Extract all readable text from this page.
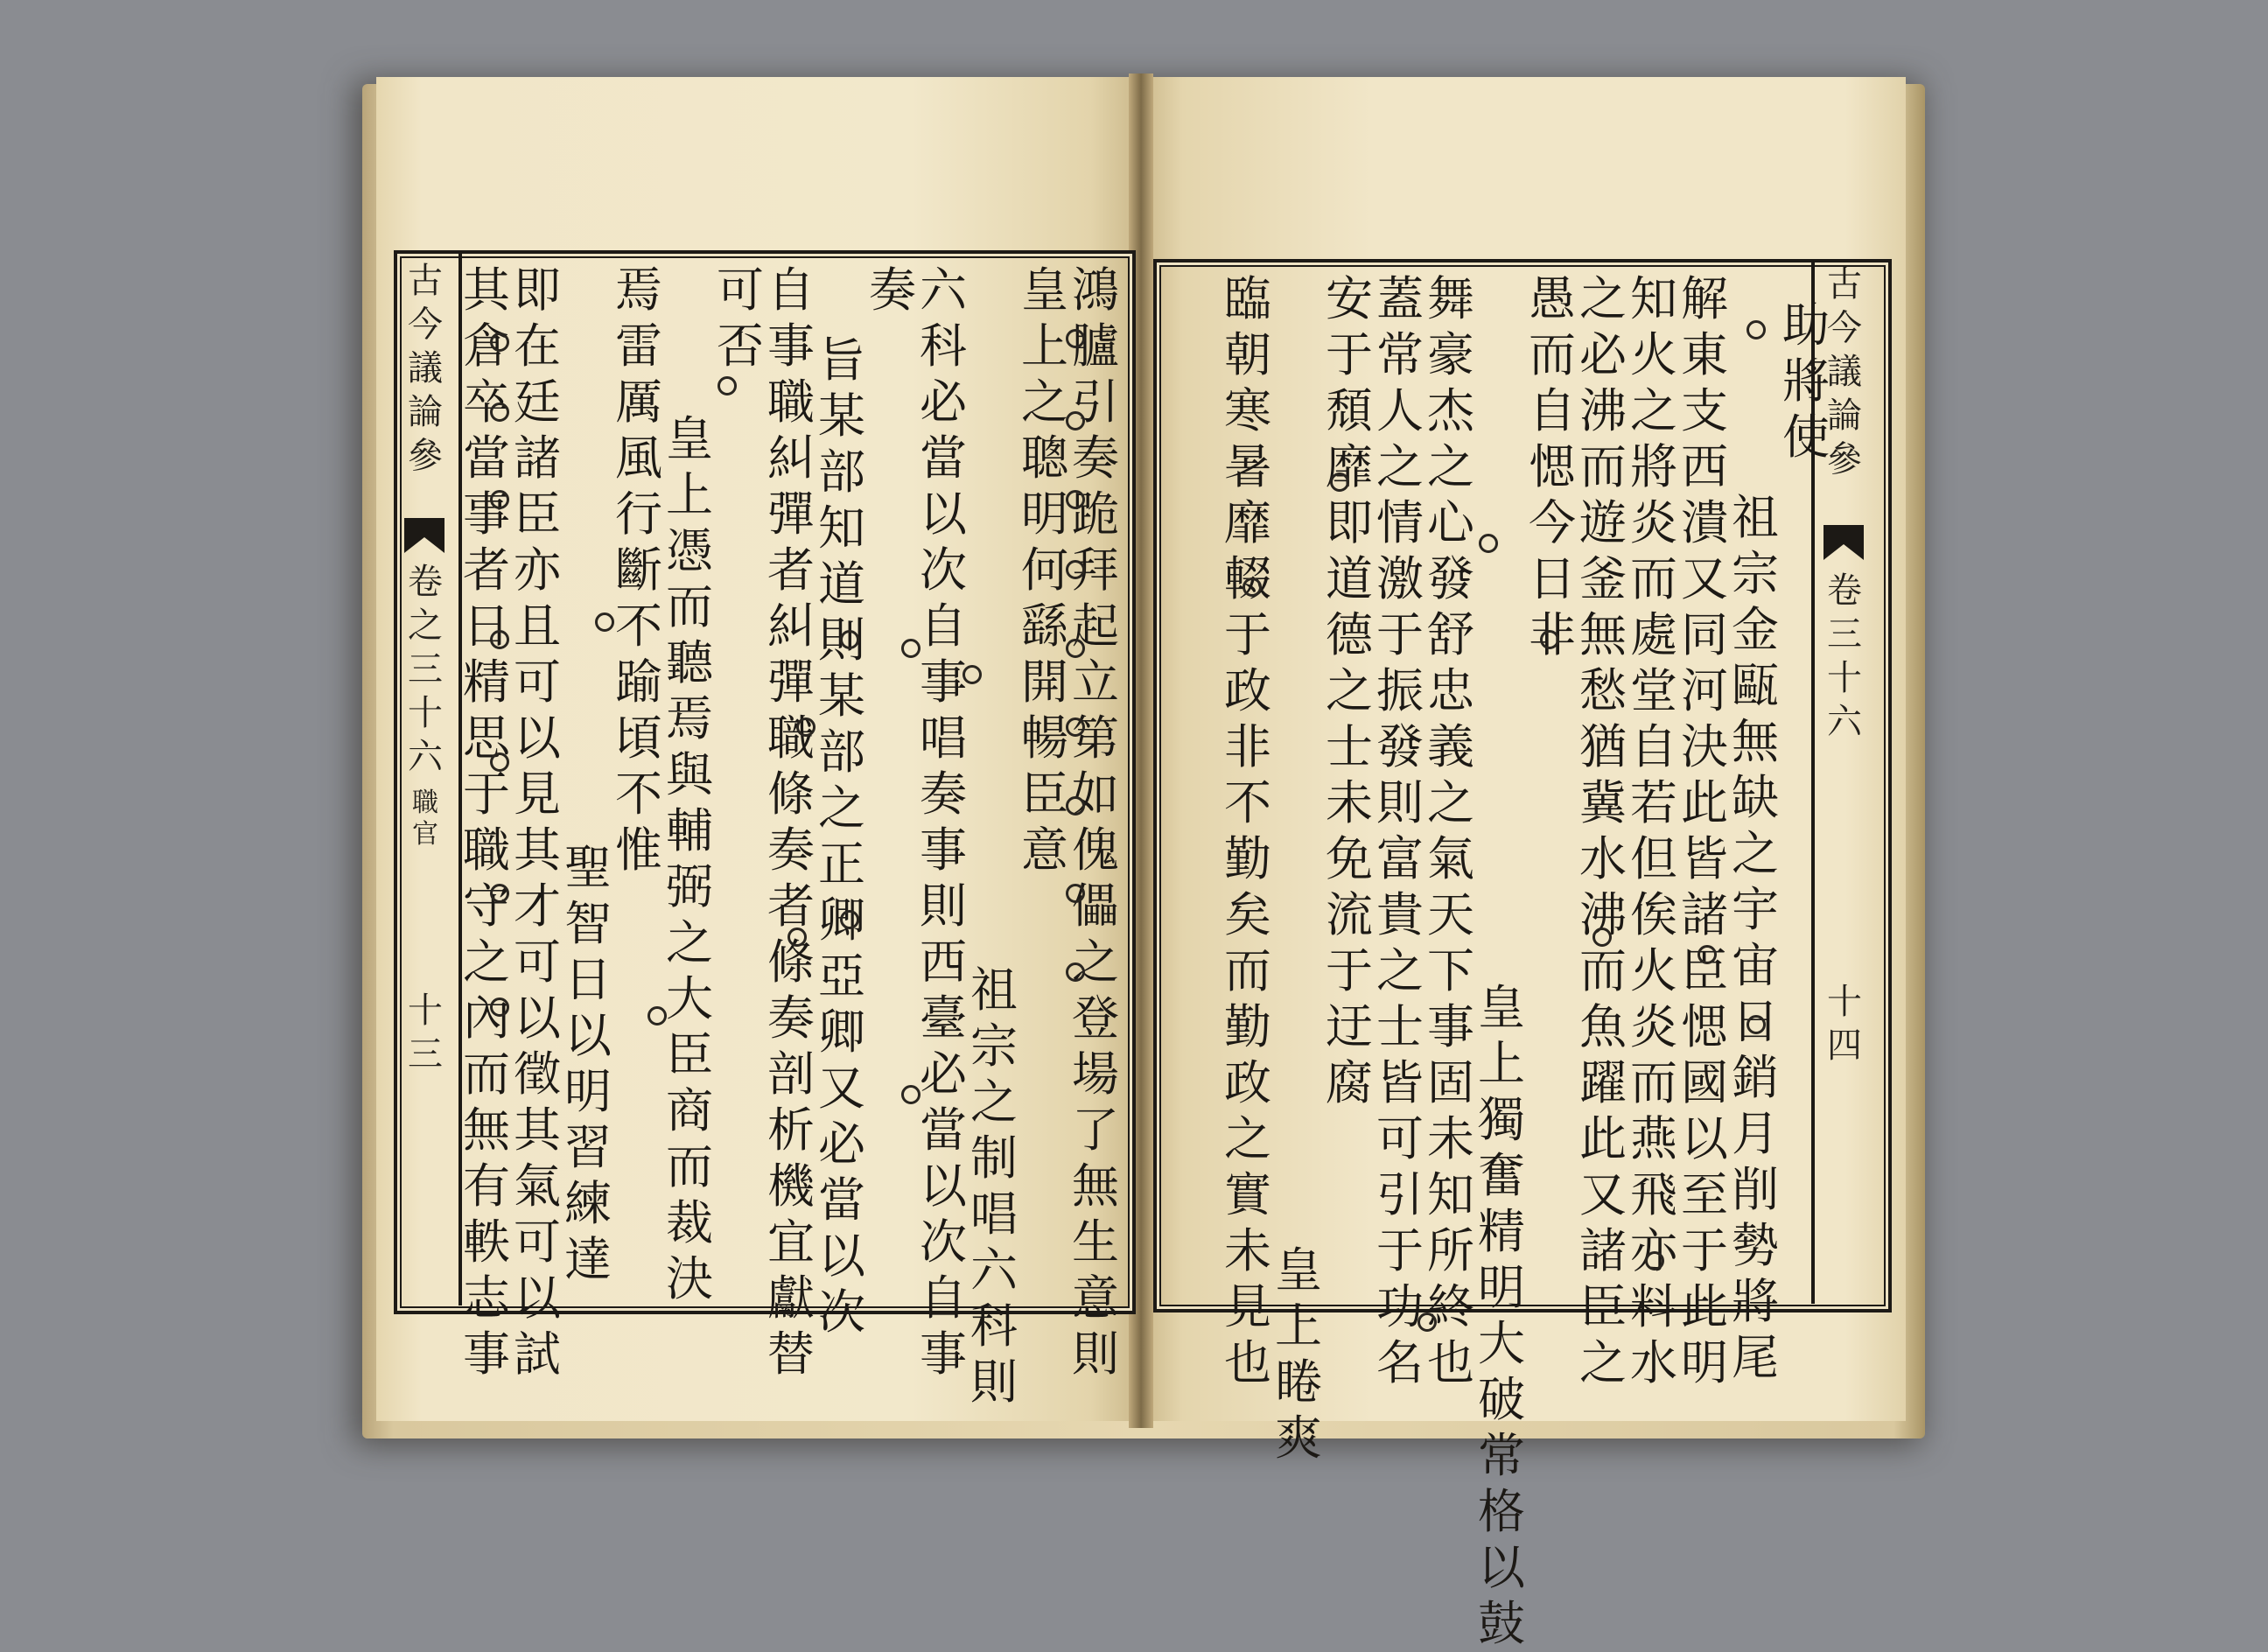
古
今
議
論
參
卷
之
三
十
六
職
官
十
三
古
今
議
論
參
卷
三
十
六
十
四
鴻
臚
引
奏
跪
拜
起
立
第
如
傀
儡
之
登
場
了
無
生
意
則
皇
上
之
聰
明
何
繇
開
暢
臣
意
祖
宗
之
制
唱
六
科
則
六
科
必
當
以
次
自
事
唱
奏
事
則
西
臺
必
當
以
次
自
事
奏
旨
某
部
知
道
則
某
部
之
正
卿
亞
卿
又
必
當
以
次
自
事
職
糾
彈
者
糾
彈
職
條
奏
者
條
奏
剖
析
機
宜
獻
替
可
否
皇
上
憑
而
聽
焉
與
輔
弼
之
大
臣
商
而
裁
決
焉
雷
厲
風
行
斷
不
踰
頃
不
惟
聖
智
日
以
明
習
練
達
即
在
廷
諸
臣
亦
且
可
以
見
其
才
可
以
徵
其
氣
可
以
試
其
倉
卒
當
事
者
日
精
思
于
職
守
之
內
而
無
有
軼
志
事
助
將
使
祖
宗
金
甌
無
缺
之
宇
宙
日
銷
月
削
勢
將
尾
解
東
支
西
潰
又
同
河
決
此
皆
諸
臣
愢
國
以
至
于
此
明
知
火
之
將
炎
而
處
堂
自
若
但
俟
火
炎
而
燕
飛
亦
料
水
之
必
沸
而
遊
釜
無
愁
猶
冀
水
沸
而
魚
躍
此
又
諸
臣
之
愚
而
自
愢
今
日
非
皇
上
獨
奮
精
明
大
破
常
格
以
鼓
舞
豪
杰
之
心
發
舒
忠
義
之
氣
天
下
事
固
未
知
所
終
也
蓋
常
人
之
情
激
于
振
發
則
富
貴
之
士
皆
可
引
于
功
名
安
于
頹
靡
即
道
德
之
士
未
免
流
于
迂
腐
皇
上
睠
爽
臨
朝
寒
暑
靡
輟
于
政
非
不
勤
矣
而
勤
政
之
實
未
見
也
